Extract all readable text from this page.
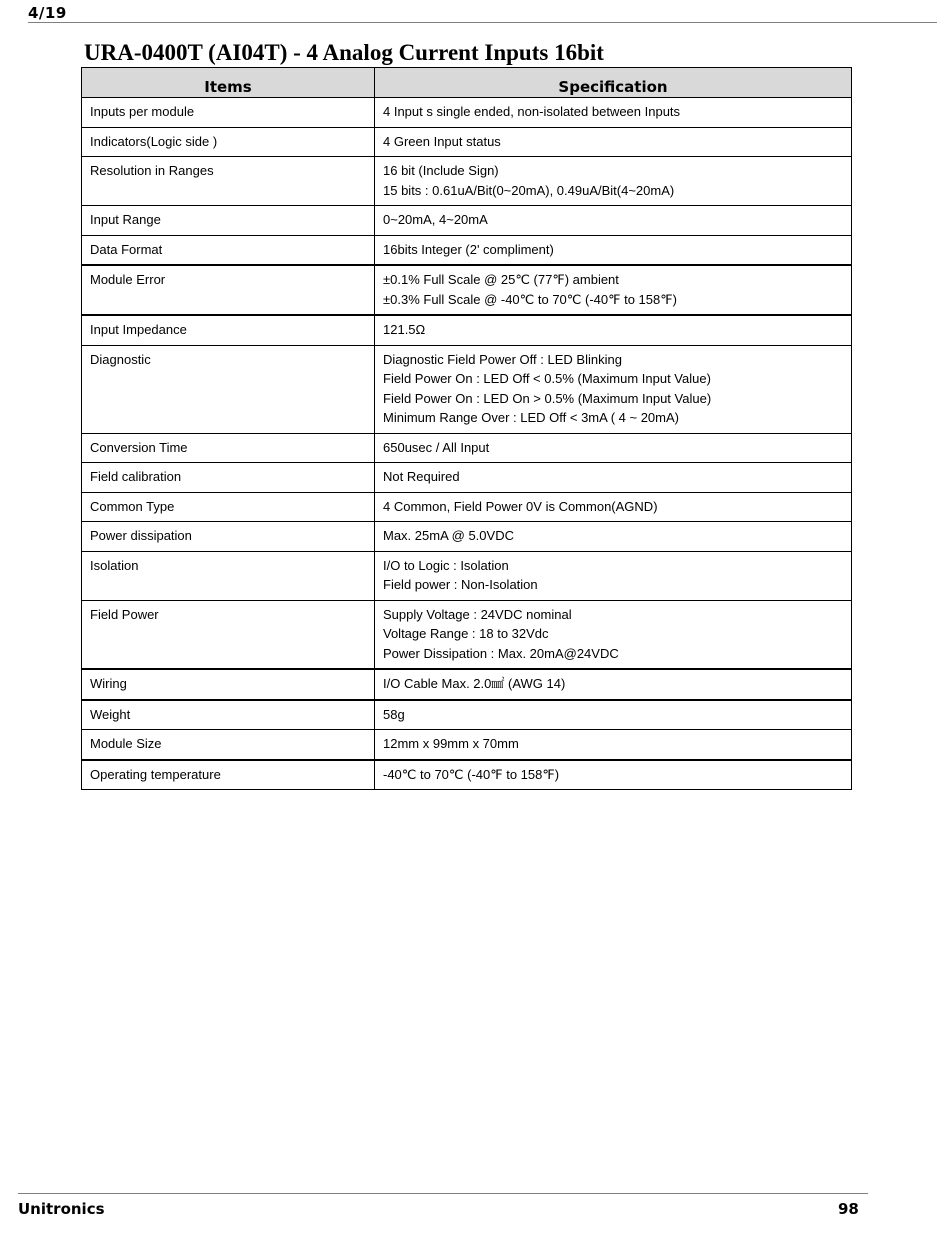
4/19
URA-0400T (AI04T) - 4 Analog Current Inputs 16bit
Items	Specification
Inputs per module	4 Input s single ended, non-isolated between Inputs

Indicators(Logic side )	4 Green Input status

Resolution in Ranges	16 bit (Include Sign)
15 bits : 0.61uA/Bit(0~20mA), 0.49uA/Bit(4~20mA)

Input Range	0~20mA, 4~20mA

Data Format	16bits Integer (2' compliment)

Module Error	±0.1% Full Scale @ 25℃ (77℉) ambient
±0.3% Full Scale @ -40℃ to 70℃ (-40℉ to 158℉)

Input Impedance	121.5Ω

Diagnostic	Diagnostic Field Power Off : LED Blinking
Field Power On : LED Off < 0.5% (Maximum Input Value)
Field Power On : LED On > 0.5% (Maximum Input Value)
Minimum Range Over : LED Off < 3mA ( 4 ~ 20mA)

Conversion Time	650usec / All Input

Field calibration	Not Required

Common Type	4 Common, Field Power 0V is Common(AGND)

Power dissipation	Max. 25mA @ 5.0VDC

Isolation	I/O to Logic : Isolation
Field power : Non-Isolation

Field Power	Supply Voltage : 24VDC nominal
Voltage Range : 18 to 32Vdc
Power Dissipation : Max. 20mA@24VDC

Wiring	I/O Cable Max. 2.0㎟ (AWG 14)

Weight	58g

Module Size	12mm x 99mm x 70mm

Operating temperature	-40℃ to 70℃ (-40℉ to 158℉)
Unitronics	98
